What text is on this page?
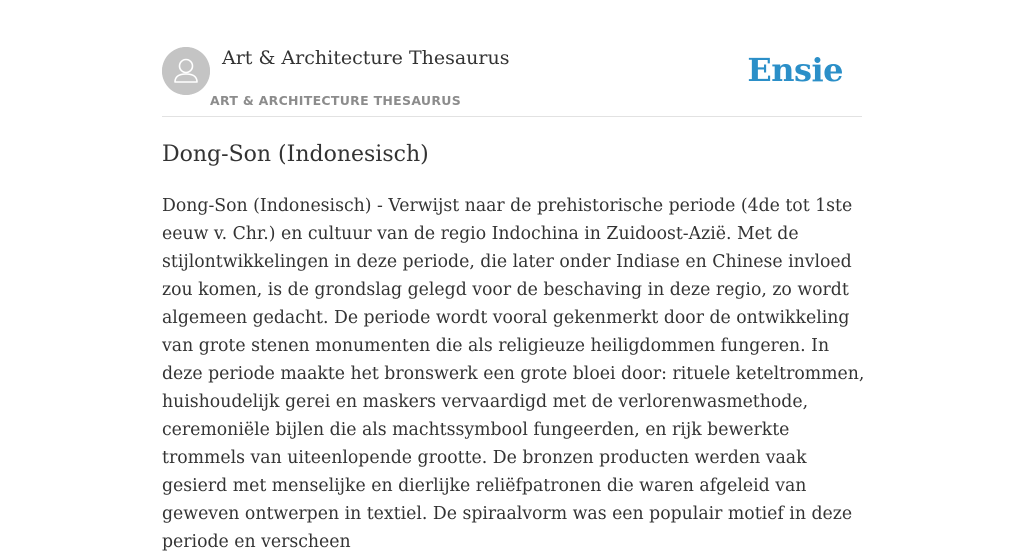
Art & Architecture Thesaurus
ART & ARCHITECTURE THESAURUS
Ensie
Dong-Son (Indonesisch)

Dong-Son (Indonesisch) - Verwijst naar de prehistorische periode (4de tot 1ste eeuw v. Chr.) en cultuur van de regio Indochina in Zuidoost-Azië. Met de stijlontwikkelingen in deze periode, die later onder Indiase en Chinese invloed zou komen, is de grondslag gelegd voor de beschaving in deze regio, zo wordt algemeen gedacht. De periode wordt vooral gekenmerkt door de ontwikkeling van grote stenen monumenten die als religieuze heiligdommen fungeren. In deze periode maakte het bronswerk een grote bloei door: rituele keteltrommen, huishoudelijk gerei en maskers vervaardigd met de verlorenwasmethode, ceremoniële bijlen die als machtssymbool fungeerden, en rijk bewerkte trommels van uiteenlopende grootte. De bronzen producten werden vaak gesierd met menselijke en dierlijke reliëfpatronen die waren afgeleid van geweven ontwerpen in textiel. De spiraalvorm was een populair motief in deze periode en verscheen
